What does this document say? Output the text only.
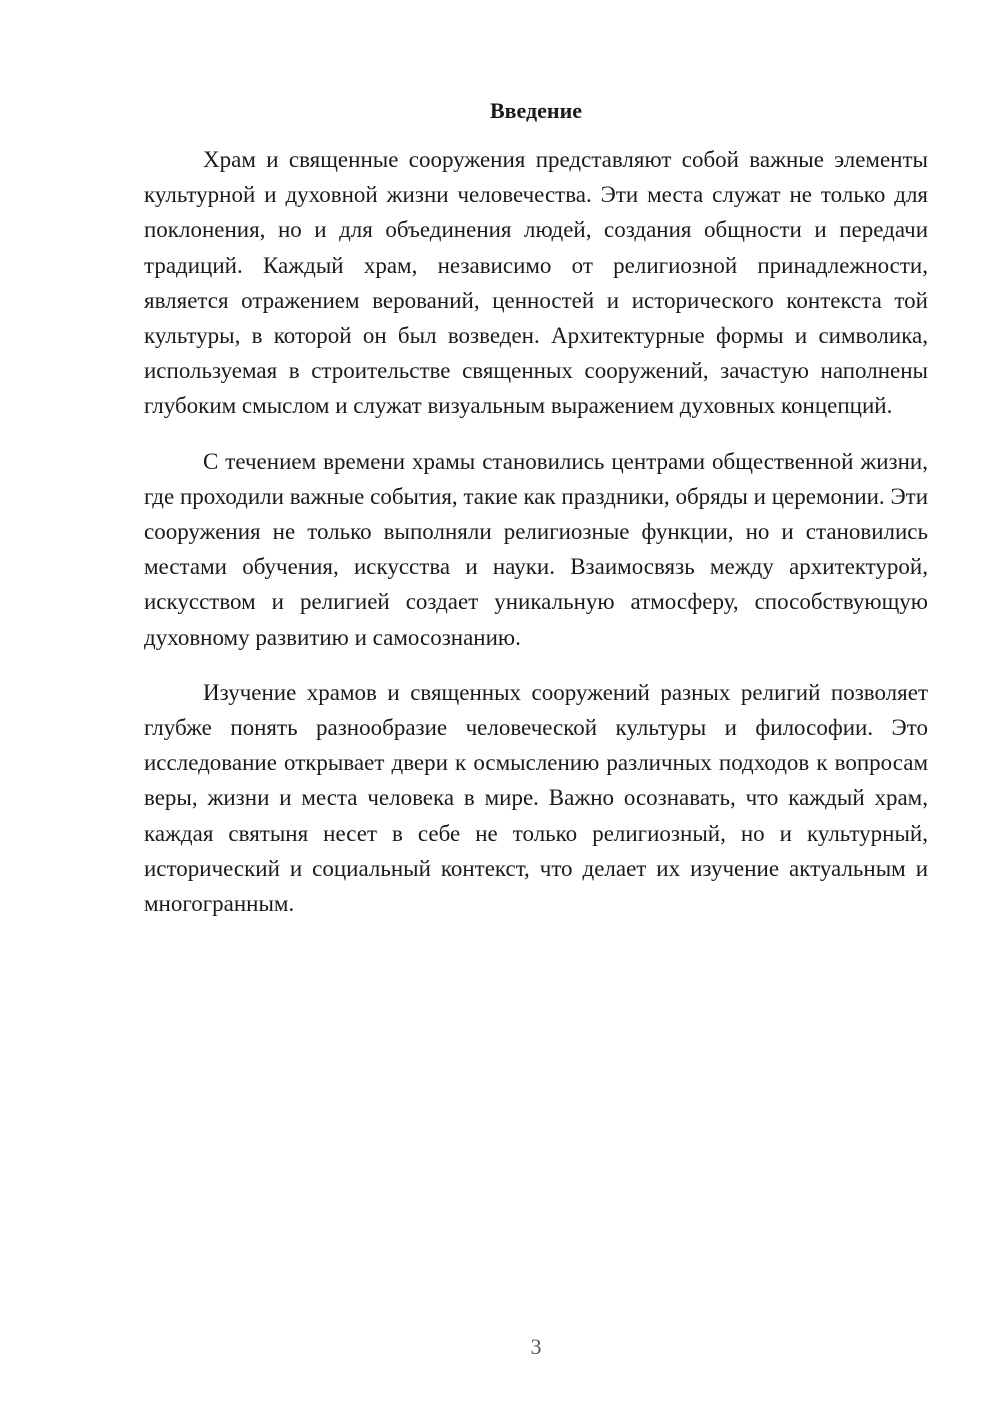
Введение

Храм и священные сооружения представляют собой важные элементы культурной и духовной жизни человечества. Эти места служат не только для поклонения, но и для объединения людей, создания общности и передачи традиций. Каждый храм, независимо от религиозной принадлежности, является отражением верований, ценностей и исторического контекста той культуры, в которой он был возведен. Архитектурные формы и символика, используемая в строительстве священных сооружений, зачастую наполнены глубоким смыслом и служат визуальным выражением духовных концепций.

С течением времени храмы становились центрами общественной жизни, где проходили важные события, такие как праздники, обряды и церемонии. Эти сооружения не только выполняли религиозные функции, но и становились местами обучения, искусства и науки. Взаимосвязь между архитектурой, искусством и религией создает уникальную атмосферу, способствующую духовному развитию и самосознанию.

Изучение храмов и священных сооружений разных религий позволяет глубже понять разнообразие человеческой культуры и философии. Это исследование открывает двери к осмыслению различных подходов к вопросам веры, жизни и места человека в мире. Важно осознавать, что каждый храм, каждая святыня несет в себе не только религиозный, но и культурный, исторический и социальный контекст, что делает их изучение актуальным и многогранным.

3
